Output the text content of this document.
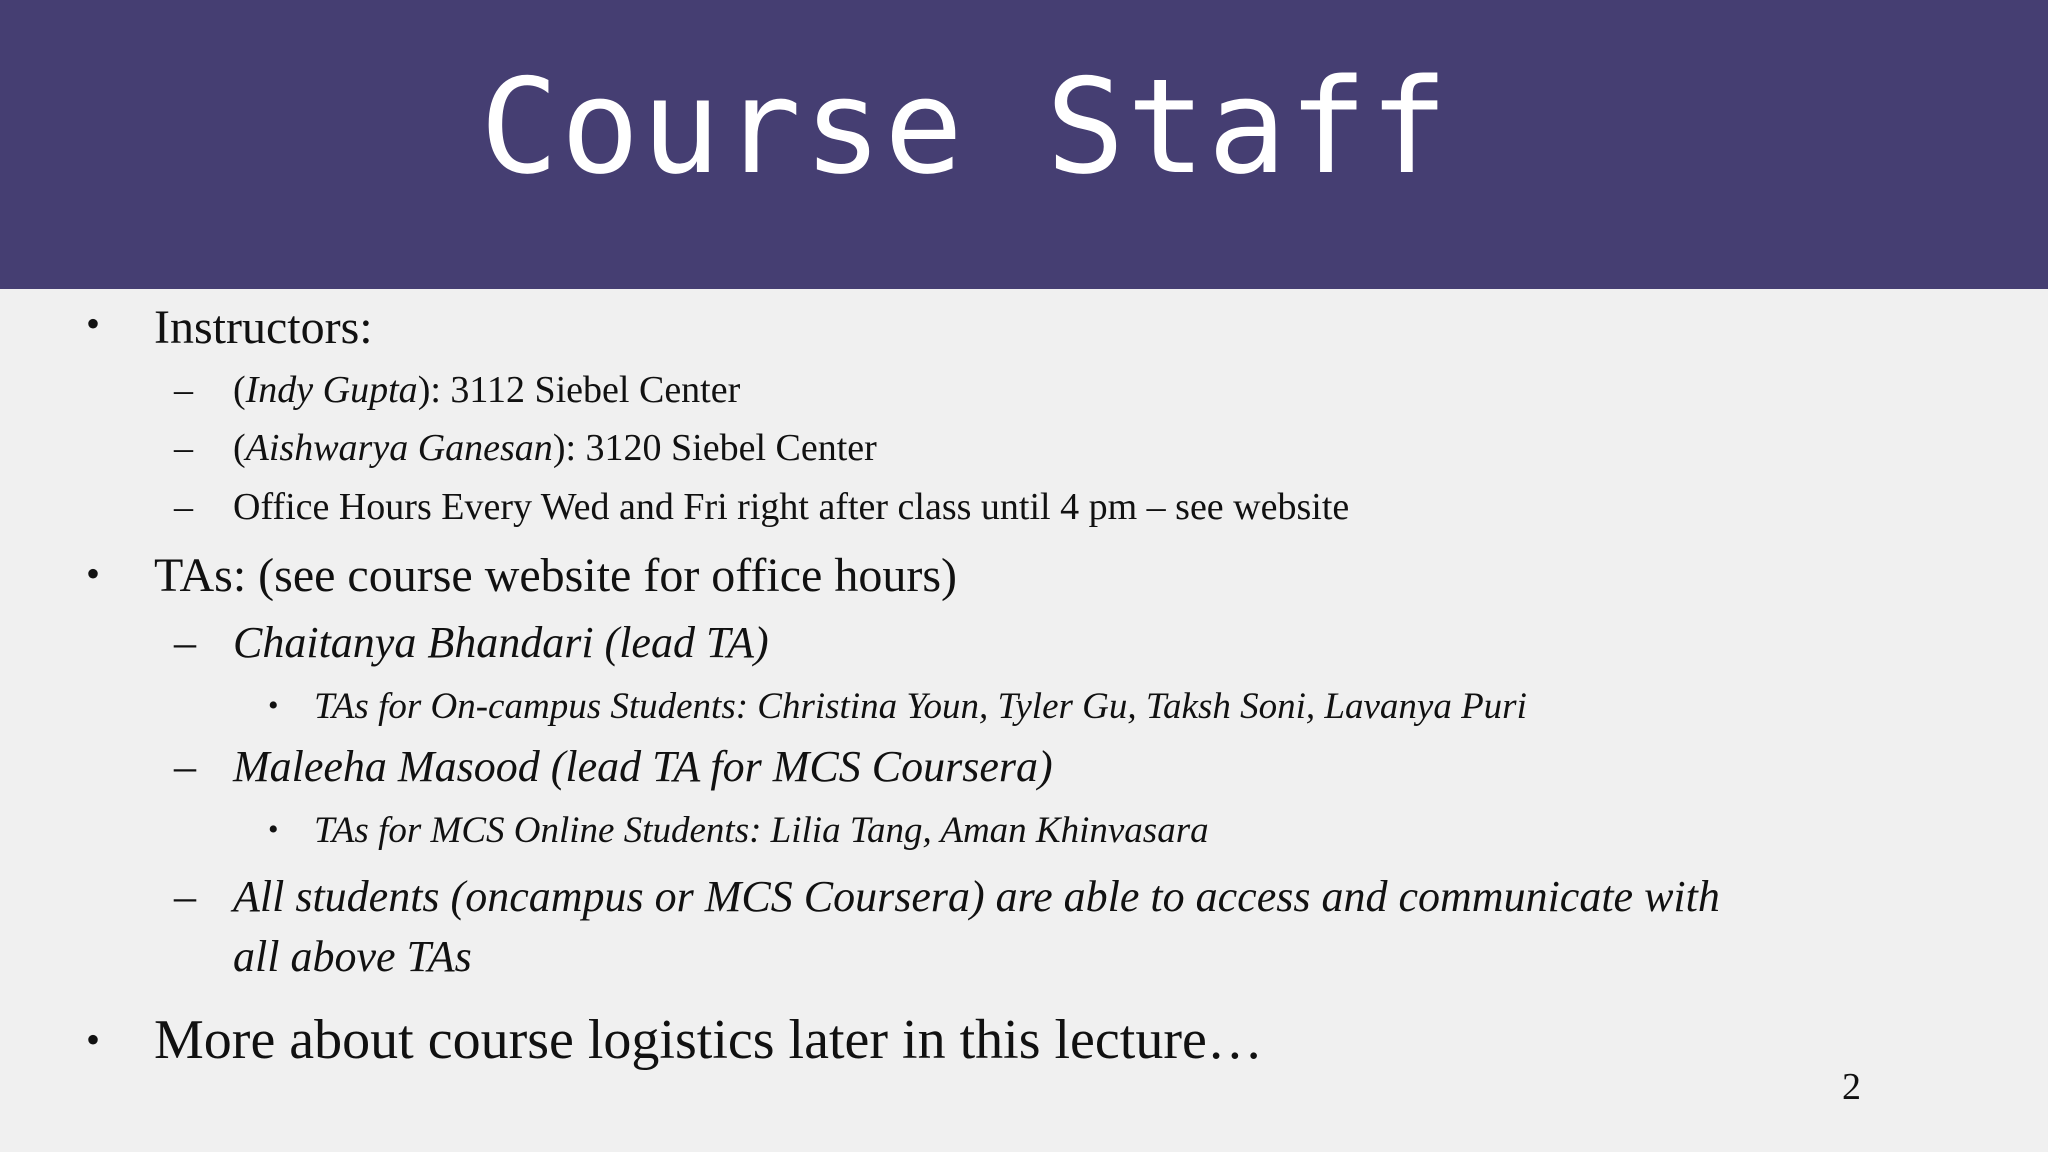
Course Staff
• Instructors:
– (Indy Gupta): 3112 Siebel Center
– (Aishwarya Ganesan): 3120 Siebel Center
– Office Hours Every Wed and Fri right after class until 4 pm – see website
• TAs: (see course website for office hours)
– Chaitanya Bhandari (lead TA)
• TAs for On-campus Students: Christina Youn, Tyler Gu, Taksh Soni, Lavanya Puri
– Maleeha Masood (lead TA for MCS Coursera)
• TAs for MCS Online Students: Lilia Tang, Aman Khinvasara
– All students (oncampus or MCS Coursera) are able to access and communicate with
all above TAs
• More about course logistics later in this lecture…
2
